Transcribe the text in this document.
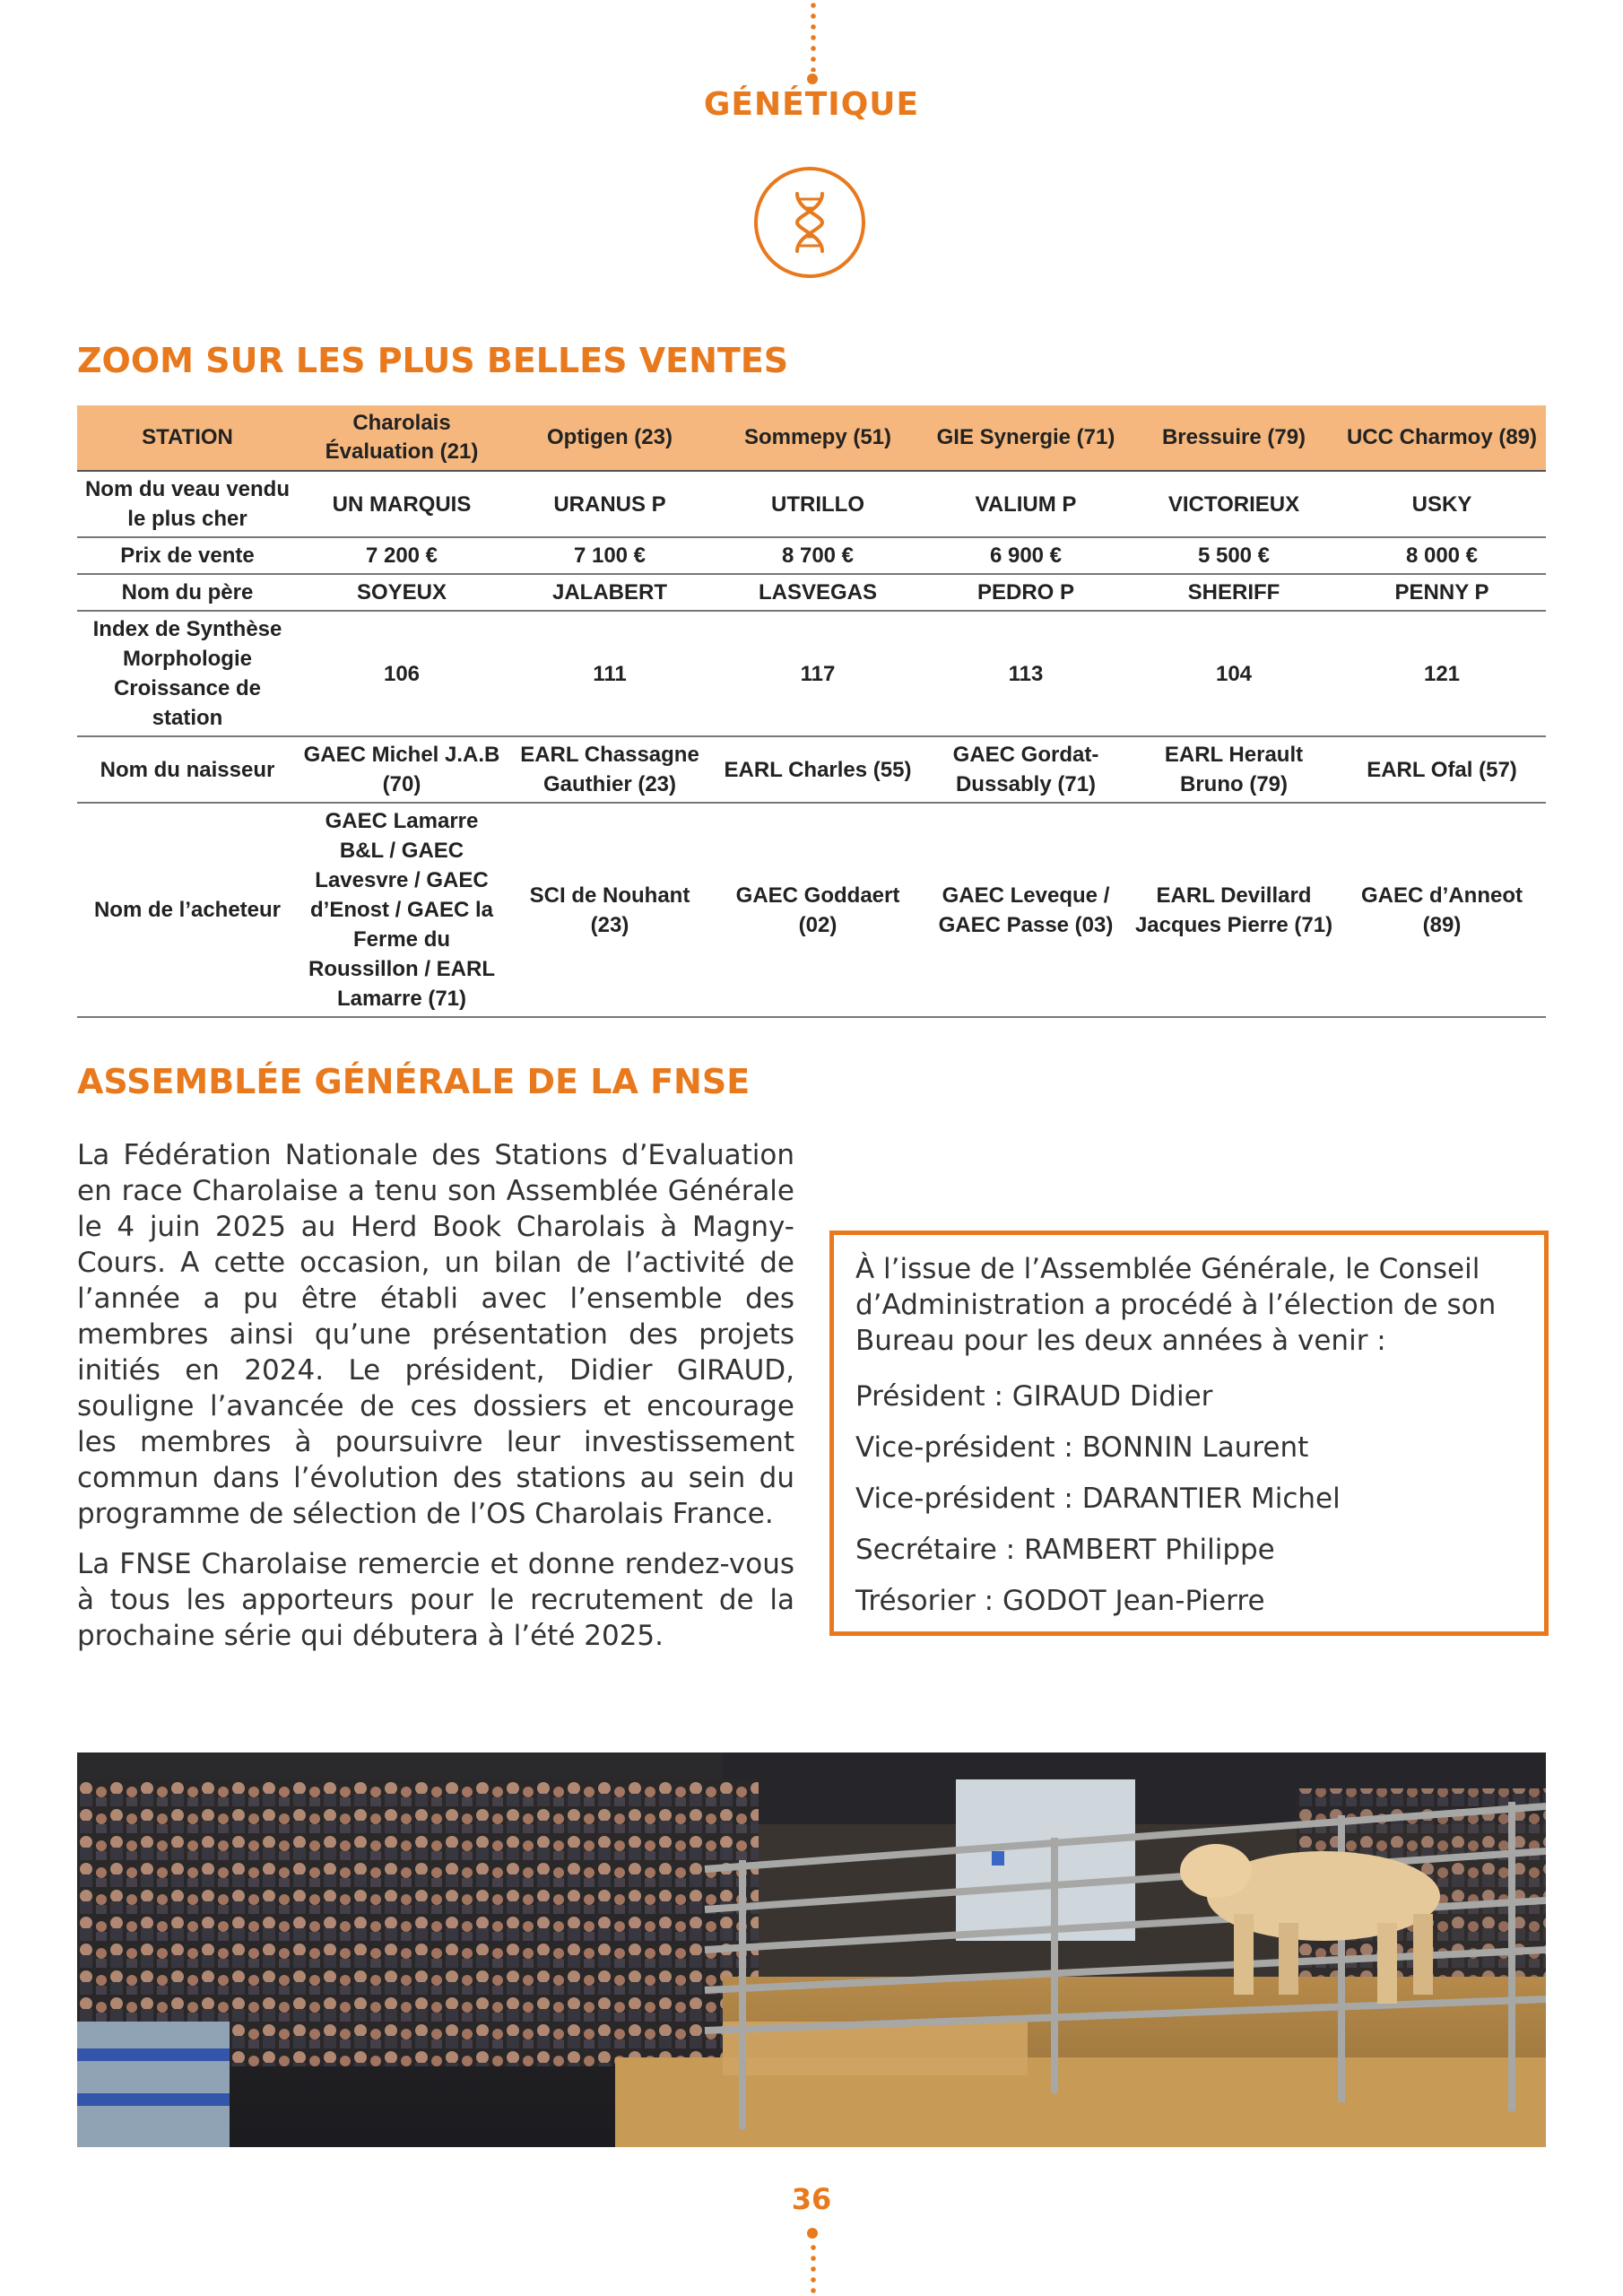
GÉNÉTIQUE
ZOOM SUR LES PLUS BELLES VENTES
STATION	Charolais Évaluation (21)	Optigen (23)	Sommepy (51)	GIE Synergie (71)	Bressuire (79)	UCC Charmoy (89)
Nom du veau vendu le plus cher	UN MARQUIS	URANUS P	UTRILLO	VALIUM P	VICTORIEUX	USKY
Prix de vente	7 200 €	7 100 €	8 700 €	6 900 €	5 500 €	8 000 €
Nom du père	SOYEUX	JALABERT	LASVEGAS	PEDRO P	SHERIFF	PENNY P
Index de Synthèse Morphologie Croissance de station	106	111	117	113	104	121
Nom du naisseur	GAEC Michel J.A.B (70)	EARL Chassagne Gauthier (23)	EARL Charles (55)	GAEC Gordat-Dussably (71)	EARL Herault Bruno (79)	EARL Ofal (57)
Nom de l’acheteur	GAEC Lamarre B&L / GAEC Lavesvre / GAEC d’Enost / GAEC la Ferme du Roussillon / EARL Lamarre (71)	SCI de Nouhant (23)	GAEC Goddaert (02)	GAEC Leveque / GAEC Passe (03)	EARL Devillard Jacques Pierre (71)	GAEC d’Anneot (89)
ASSEMBLÉE GÉNÉRALE DE LA FNSE

La Fédération Nationale des Stations d’Evaluation en race Charolaise a tenu son Assemblée Générale le 4 juin 2025 au Herd Book Charolais à Magny-Cours. A cette occasion, un bilan de l’activité de l’année a pu être établi avec l’ensemble des membres ainsi qu’une présentation des projets initiés en 2024. Le président, Didier GIRAUD, souligne l’avancée de ces dossiers et encourage les membres à poursuivre leur investissement commun dans l’évolution des stations au sein du programme de sélection de l’OS Charolais France.

La FNSE Charolaise remercie et donne rendez-vous à tous les apporteurs pour le recrutement de la prochaine série qui débutera à l’été 2025.

À l’issue de l’Assemblée Générale, le Conseil d’Administration a procédé à l’élection de son Bureau pour les deux années à venir :

Président : GIRAUD Didier
Vice-président : BONNIN Laurent
Vice-président : DARANTIER Michel
Secrétaire : RAMBERT Philippe
Trésorier : GODOT Jean-Pierre
36
